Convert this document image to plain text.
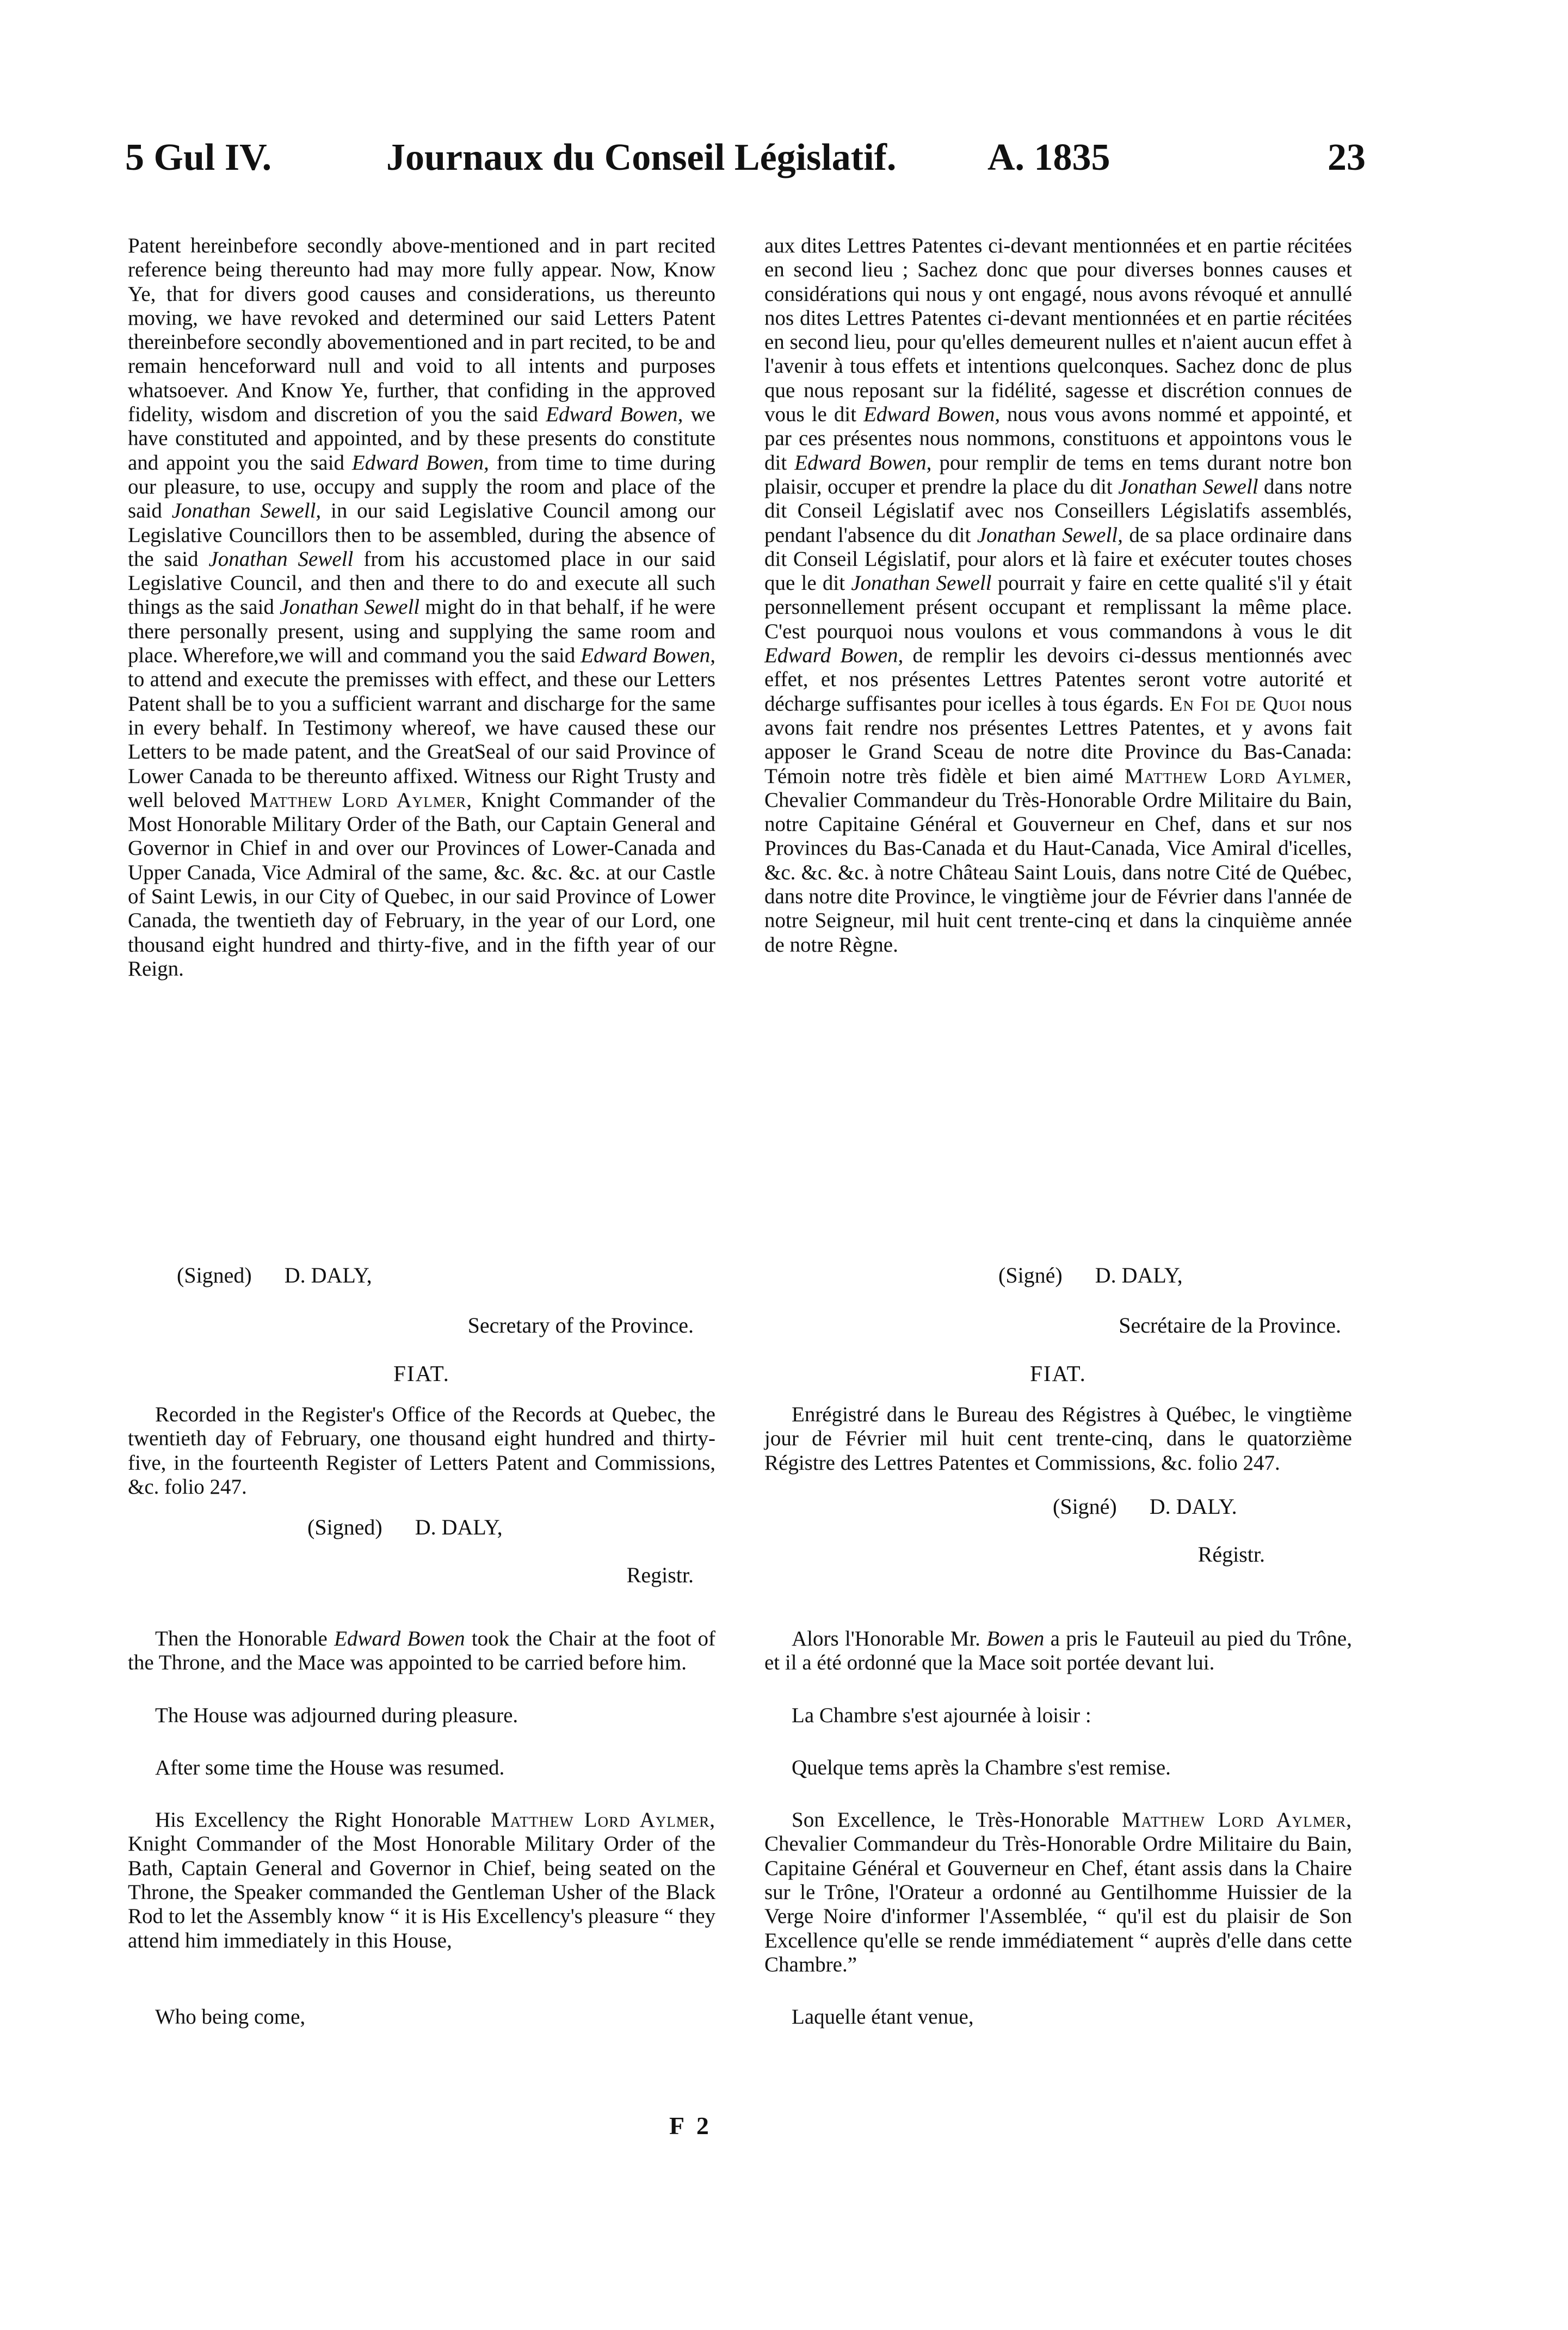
5 Gul IV.	Journaux du Conseil Législatif. A. 1835	23

Patent hereinbefore secondly above-mentioned and in part recited reference being thereunto had may more fully appear. Now, Know Ye, that for divers good causes and considerations, us thereunto moving, we have revoked and determined our said Letters Patent thereinbefore secondly abovementioned and in part recited, to be and remain henceforward null and void to all intents and purposes whatsoever. And Know Ye, further, that confiding in the approved fidelity, wisdom and discretion of you the said Edward Bowen, we have constituted and appointed, and by these presents do constitute and appoint you the said Edward Bowen, from time to time during our pleasure, to use, occupy and supply the room and place of the said Jonathan Sewell, in our said Legislative Council among our Legislative Councillors then to be assembled, during the absence of the said Jonathan Sewell from his accustomed place in our said Legislative Council, and then and there to do and execute all such things as the said Jonathan Sewell might do in that behalf, if he were there personally present, using and supplying the same room and place. Wherefore,we will and command you the said Edward Bowen, to attend and execute the premisses with effect, and these our Letters Patent shall be to you a sufficient warrant and discharge for the same in every behalf. In Testimony whereof, we have caused these our Letters to be made patent, and the GreatSeal of our said Province of Lower Canada to be thereunto affixed. Witness our Right Trusty and well beloved Matthew Lord Aylmer, Knight Commander of the Most Honorable Military Order of the Bath, our Captain General and Governor in Chief in and over our Provinces of Lower-Canada and Upper Canada, Vice Admiral of the same, &c. &c. &c. at our Castle of Saint Lewis, in our City of Quebec, in our said Province of Lower Canada, the twentieth day of February, in the year of our Lord, one thousand eight hundred and thirty-five, and in the fifth year of our Reign.

(Signed) D. DALY,

Secretary of the Province.

FIAT.

Recorded in the Register's Office of the Records at Quebec, the twentieth day of February, one thousand eight hundred and thirty-five, in the fourteenth Register of Letters Patent and Commissions, &c. folio 247.

(Signed) D. DALY,

Registr.

Then the Honorable Edward Bowen took the Chair at the foot of the Throne, and the Mace was appointed to be carried before him.

The House was adjourned during pleasure.

After some time the House was resumed.

His Excellency the Right Honorable Matthew Lord Aylmer, Knight Commander of the Most Honorable Military Order of the Bath, Captain General and Governor in Chief, being seated on the Throne, the Speaker commanded the Gentleman Usher of the Black Rod to let the Assembly know “ it is His Excellency's pleasure “ they attend him immediately in this House,

Who being come,

aux dites Lettres Patentes ci-devant mentionnées et en partie récitées en second lieu ; Sachez donc que pour diverses bonnes causes et considérations qui nous y ont engagé, nous avons révoqué et annullé nos dites Lettres Patentes ci-devant mentionnées et en partie récitées en second lieu, pour qu'elles demeurent nulles et n'aient aucun effet à l'avenir à tous effets et intentions quelconques. Sachez donc de plus que nous reposant sur la fidélité, sagesse et discrétion connues de vous le dit Edward Bowen, nous vous avons nommé et appointé, et par ces présentes nous nommons, constituons et appointons vous le dit Edward Bowen, pour remplir de tems en tems durant notre bon plaisir, occuper et prendre la place du dit Jonathan Sewell dans notre dit Conseil Législatif avec nos Conseillers Législatifs assemblés, pendant l'absence du dit Jonathan Sewell, de sa place ordinaire dans dit Conseil Législatif, pour alors et là faire et exécuter toutes choses que le dit Jonathan Sewell pourrait y faire en cette qualité s'il y était personnellement présent occupant et remplissant la même place. C'est pourquoi nous voulons et vous commandons à vous le dit Edward Bowen, de remplir les devoirs ci-dessus mentionnés avec effet, et nos présentes Lettres Patentes seront votre autorité et décharge suffisantes pour icelles à tous égards. En Foi de Quoi nous avons fait rendre nos présentes Lettres Patentes, et y avons fait apposer le Grand Sceau de notre dite Province du Bas-Canada: Témoin notre très fidèle et bien aimé Matthew Lord Aylmer, Chevalier Commandeur du Très-Honorable Ordre Militaire du Bain, notre Capitaine Général et Gouverneur en Chef, dans et sur nos Provinces du Bas-Canada et du Haut-Canada, Vice Amiral d'icelles, &c. &c. &c. à notre Château Saint Louis, dans notre Cité de Québec, dans notre dite Province, le vingtième jour de Février dans l'année de notre Seigneur, mil huit cent trente-cinq et dans la cinquième année de notre Règne.

(Signé) D. DALY,

Secrétaire de la Province.

FIAT.

Enrégistré dans le Bureau des Régistres à Québec, le vingtième jour de Février mil huit cent trente-cinq, dans le quatorzième Régistre des Lettres Patentes et Commissions, &c. folio 247.

(Signé) D. DALY.

Régistr.

Alors l'Honorable Mr. Bowen a pris le Fauteuil au pied du Trône, et il a été ordonné que la Mace soit portée devant lui.

La Chambre s'est ajournée à loisir :

Quelque tems après la Chambre s'est remise.

Son Excellence, le Très-Honorable Matthew Lord Aylmer, Chevalier Commandeur du Très-Honorable Ordre Militaire du Bain, Capitaine Général et Gouverneur en Chef, étant assis dans la Chaire sur le Trône, l'Orateur a ordonné au Gentilhomme Huissier de la Verge Noire d'informer l'Assemblée, “ qu'il est du plaisir de Son Excellence qu'elle se rende immédiatement “ auprès d'elle dans cette Chambre.”

Laquelle étant venue,

F 2
